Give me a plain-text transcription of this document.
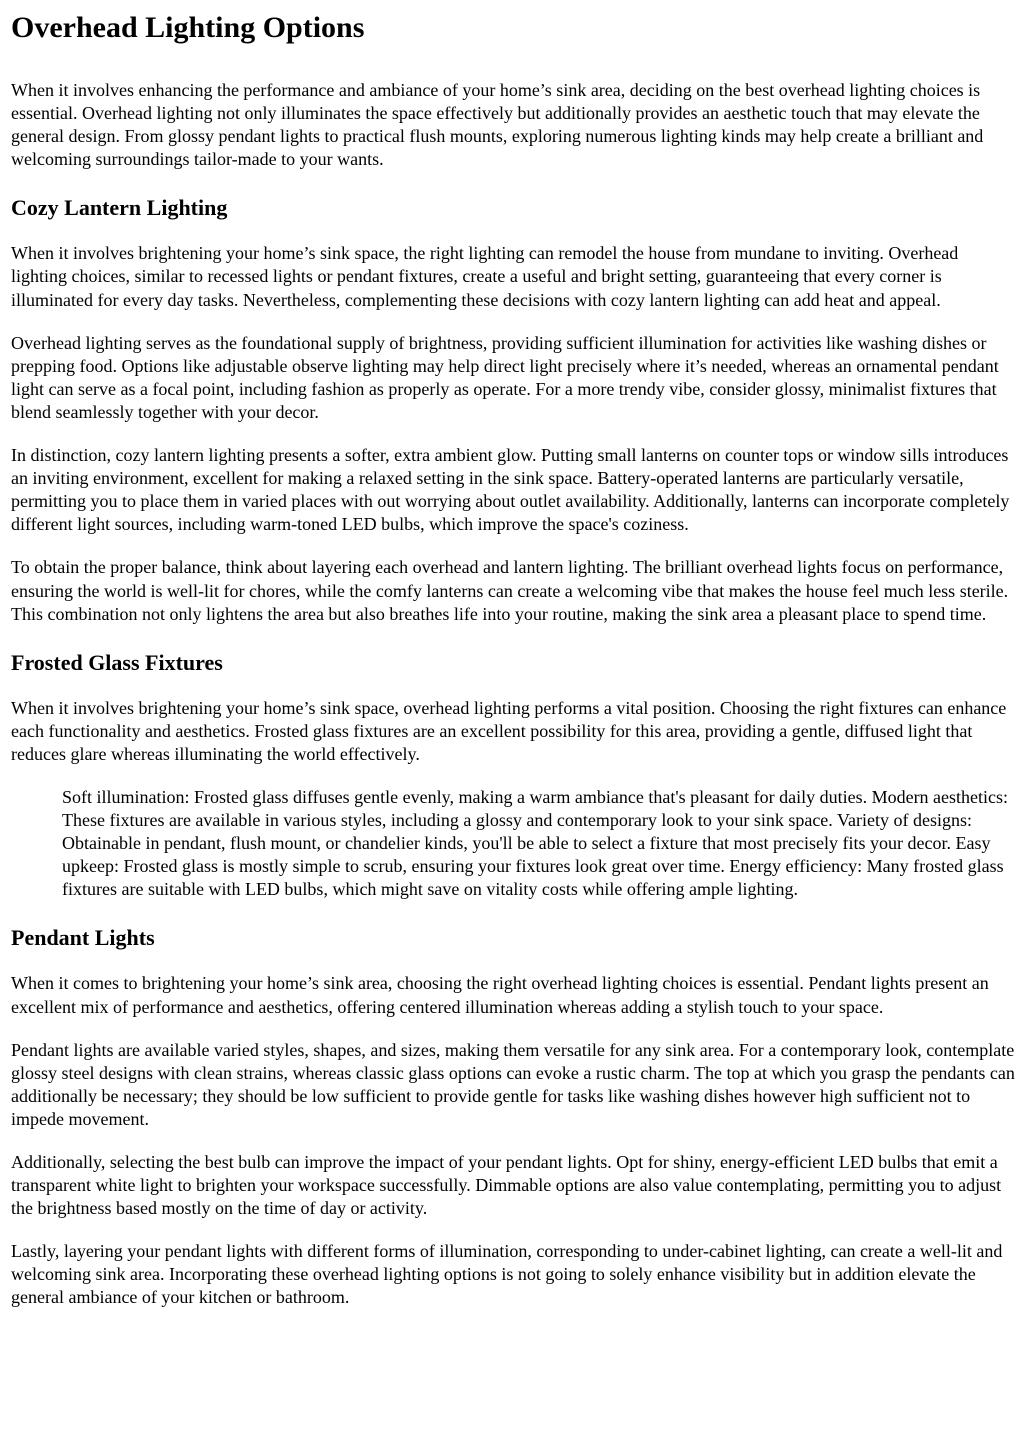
Overhead Lighting Options

When it involves enhancing the performance and ambiance of your home’s sink area, deciding on the best overhead lighting choices is essential. Overhead lighting not only illuminates the space effectively but additionally provides an aesthetic touch that may elevate the general design. From glossy pendant lights to practical flush mounts, exploring numerous lighting kinds may help create a brilliant and welcoming surroundings tailor-made to your wants.

Cozy Lantern Lighting

When it involves brightening your home’s sink space, the right lighting can remodel the house from mundane to inviting. Overhead lighting choices, similar to recessed lights or pendant fixtures, create a useful and bright setting, guaranteeing that every corner is illuminated for every day tasks. Nevertheless, complementing these decisions with cozy lantern lighting can add heat and appeal.

Overhead lighting serves as the foundational supply of brightness, providing sufficient illumination for activities like washing dishes or prepping food. Options like adjustable observe lighting may help direct light precisely where it’s needed, whereas an ornamental pendant light can serve as a focal point, including fashion as properly as operate. For a more trendy vibe, consider glossy, minimalist fixtures that blend seamlessly together with your decor.

In distinction, cozy lantern lighting presents a softer, extra ambient glow. Putting small lanterns on counter tops or window sills introduces an inviting environment, excellent for making a relaxed setting in the sink space. Battery-operated lanterns are particularly versatile, permitting you to place them in varied places with out worrying about outlet availability. Additionally, lanterns can incorporate completely different light sources, including warm-toned LED bulbs, which improve the space's coziness.

To obtain the proper balance, think about layering each overhead and lantern lighting. The brilliant overhead lights focus on performance, ensuring the world is well-lit for chores, while the comfy lanterns can create a welcoming vibe that makes the house feel much less sterile. This combination not only lightens the area but also breathes life into your routine, making the sink area a pleasant place to spend time.

Frosted Glass Fixtures

When it involves brightening your home’s sink space, overhead lighting performs a vital position. Choosing the right fixtures can enhance each functionality and aesthetics. Frosted glass fixtures are an excellent possibility for this area, providing a gentle, diffused light that reduces glare whereas illuminating the world effectively.

Soft illumination: Frosted glass diffuses gentle evenly, making a warm ambiance that's pleasant for daily duties. Modern aesthetics: These fixtures are available in various styles, including a glossy and contemporary look to your sink space. Variety of designs: Obtainable in pendant, flush mount, or chandelier kinds, you'll be able to select a fixture that most precisely fits your decor. Easy upkeep: Frosted glass is mostly simple to scrub, ensuring your fixtures look great over time. Energy efficiency: Many frosted glass fixtures are suitable with LED bulbs, which might save on vitality costs while offering ample lighting.
Pendant Lights

When it comes to brightening your home’s sink area, choosing the right overhead lighting choices is essential. Pendant lights present an excellent mix of performance and aesthetics, offering centered illumination whereas adding a stylish touch to your space.

Pendant lights are available varied styles, shapes, and sizes, making them versatile for any sink area. For a contemporary look, contemplate glossy steel designs with clean strains, whereas classic glass options can evoke a rustic charm. The top at which you grasp the pendants can additionally be necessary; they should be low sufficient to provide gentle for tasks like washing dishes however high sufficient not to impede movement.

Additionally, selecting the best bulb can improve the impact of your pendant lights. Opt for shiny, energy-efficient LED bulbs that emit a transparent white light to brighten your workspace successfully. Dimmable options are also value contemplating, permitting you to adjust the brightness based mostly on the time of day or activity.

Lastly, layering your pendant lights with different forms of illumination, corresponding to under-cabinet lighting, can create a well-lit and welcoming sink area. Incorporating these overhead lighting options is not going to solely enhance visibility but in addition elevate the general ambiance of your kitchen or bathroom.
